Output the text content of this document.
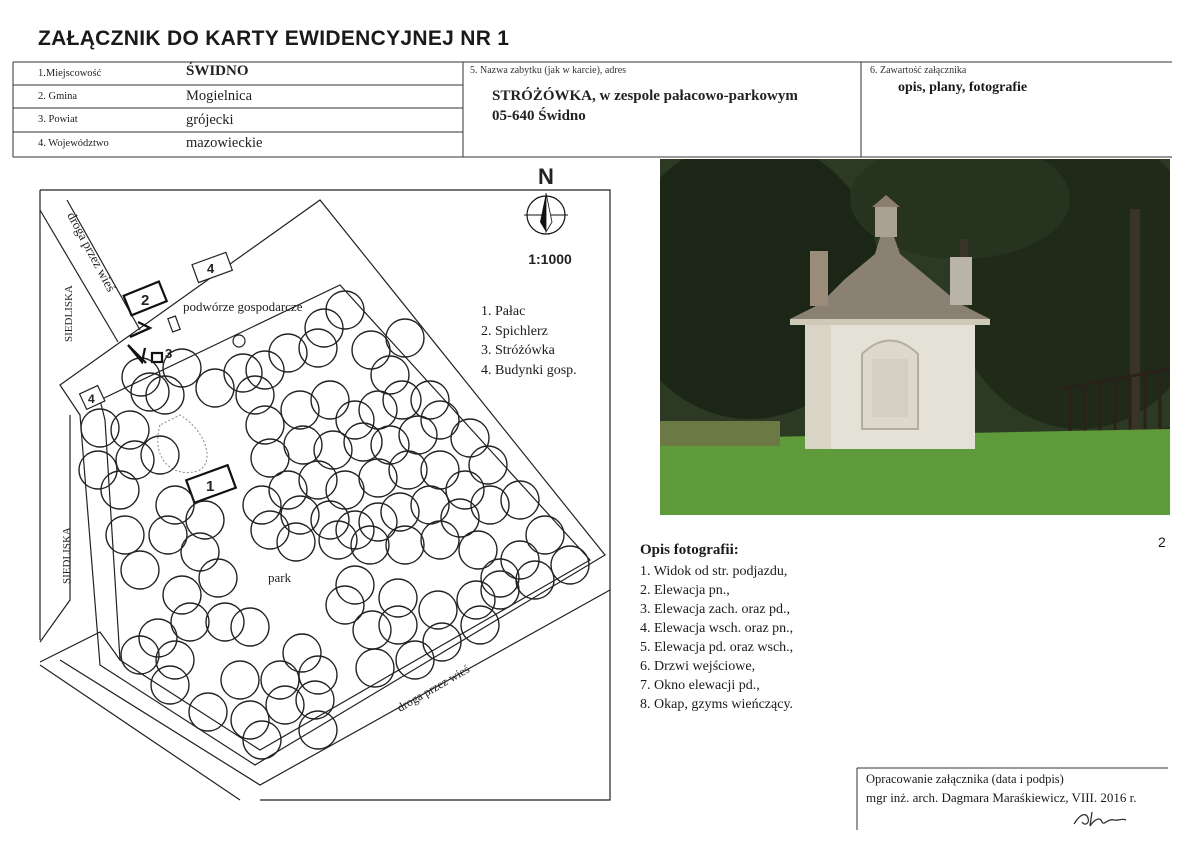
ZAŁĄCZNIK DO KARTY EWIDENCYJNEJ NR 1
1.Miejscowość	ŚWIDNO
2. Gmina	Mogielnica
3. Powiat	grójecki
4. Województwo	mazowieckie
5. Nazwa zabytku (jak w karcie), adres
STRÓŻÓWKA, w zespole pałacowo-parkowym
05-640 Świdno
6. Zawartość załącznika
opis, plany, fotografie
N
1:1000
droga przez wieś
droga przez wieś
SIEDLISKA
SIEDLISKA
podwórze gospodarcze
park
1
2
3
4
4
1. Pałac
2. Spichlerz
3. Stróżówka
4. Budynki gosp.
2
Opis fotografii:
1. Widok od str. podjazdu,
2. Elewacja pn.,
3. Elewacja zach. oraz pd.,
4. Elewacja wsch. oraz pn.,
5. Elewacja pd. oraz wsch.,
6. Drzwi wejściowe,
7. Okno elewacji pd.,
8. Okap, gzyms wieńczący.
Opracowanie załącznika (data i podpis)
mgr inż. arch. Dagmara Maraśkiewicz, VIII. 2016 r.
